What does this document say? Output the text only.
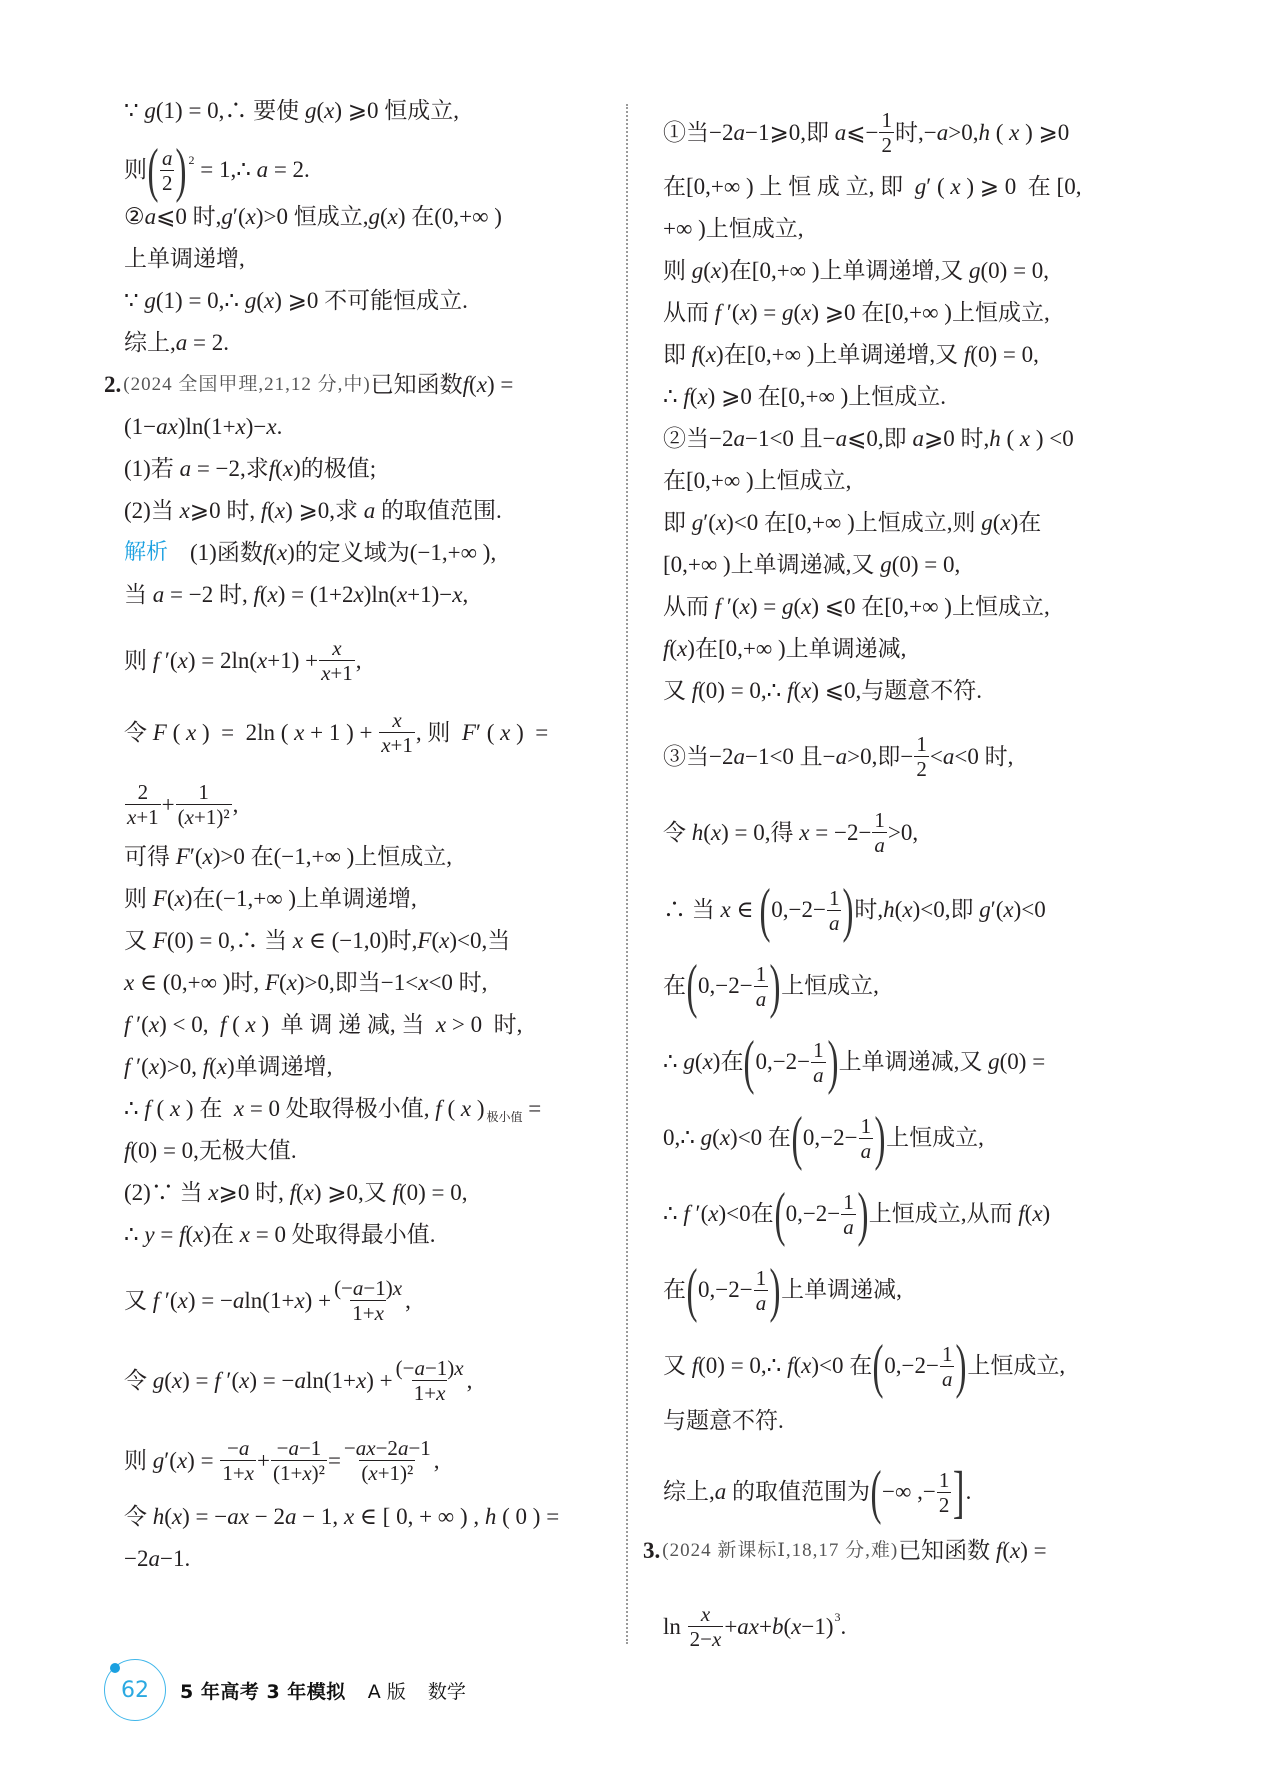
∵ g (1) = 0,∴ 要使 g ( x ) ⩾0 恒成立,
则 ( $\frac{a}{2}$ ) 2 = 1,∴ a = 2.
② a ⩽0 时, g ′( x )>0 恒成立, g ( x ) 在(0,+∞ )
上单调递增,
∵ g (1) = 0,∴ g ( x ) ⩾0 不可能恒成立.
综上, a = 2.
2. (2024 全国甲理,21,12 分,中) 已知函数 f ( x ) =
(1− ax )ln(1+ x )− x .
(1)若 a = −2,求 f ( x )的极值;
(2)当 x ⩾0 时, f ( x ) ⩾0,求 a 的取值范围.
解析 (1)函数 f ( x )的定义域为(−1,+∞ ),
当 a = −2 时, f ( x ) = (1+2 x )ln( x +1)− x ,
则 f ′( x ) = 2ln( $x +1) + \frac{x}{x+1}$ ,
令 F ( x )  =  2ln ( x + 1 ) + $\frac{x}{x+1}$ , 则 F ′ ( x )  =
$\frac{2}{x+1} + \frac{1}{\text{(x+1)²}}$ ,
可得 F ′( x )>0 在(−1,+∞ )上恒成立,
则 F ( x )在(−1,+∞ )上单调递增,
又 F (0) = 0,∴ 当 x ∈ (−1,0)时, F ( x )<0,当
x ∈ (0,+∞ )时, F ( x )>0,即当−1< x <0 时,
f ′( x ) < 0, f ( x )  单 调 递 减, 当 x > 0  时,
f ′( x )>0, f ( x )单调递增,
∴ f ( x ) 在 x = 0 处取得极小值, f ( x ) 极小值 =
f (0) = 0,无极大值.
(2)∵ 当 x ⩾0 时, f ( x ) ⩾0,又 f (0) = 0,
∴ y = f ( x )在 x = 0 处取得最小值.
又 f ′( x ) = − a ln(1+ x ) + $\frac{(-a-1)x}{1+x}$ ,
令 g ( x ) = f ′( x ) = − a ln(1+ x ) + $\frac{(-a-1)x}{1+x}$ ,
则 g ′( x ) = $\frac{-a}{1+x} + \frac{-a-1}{\text{(1+x)²}} = \frac{-ax-2a-1}{\text{(x+1)²}}$ ,
令 h ( x ) = − ax − 2 a − 1, x ∈ [ 0, + ∞ ) , h ( 0 ) =
−2 a −1.
①当−2 a −1⩾0,即 a ⩽− $\frac{1}{2}$ 时,− a >0, h ( x ) ⩾0
在[0,+∞ ) 上 恒 成 立, 即 g ′ ( x ) ⩾ 0  在 [0,
+∞ )上恒成立,
则 g ( x )在[0,+∞ )上单调递增,又 g (0) = 0,
从而 f ′( x ) = g ( x ) ⩾0 在[0,+∞ )上恒成立,
即 f ( x )在[0,+∞ )上单调递增,又 f (0) = 0,
∴ f ( x ) ⩾0 在[0,+∞ )上恒成立.
②当−2 a −1<0 且− a ⩽0,即 a ⩾0 时, h ( x ) <0
在[0,+∞ )上恒成立,
即 g ′( x )<0 在[0,+∞ )上恒成立,则 g ( x )在
[0,+∞ )上单调递减,又 g (0) = 0,
从而 f ′( x ) = g ( x ) ⩽0 在[0,+∞ )上恒成立,
f ( x )在[0,+∞ )上单调递减,
又 f (0) = 0,∴ f ( x ) ⩽0,与题意不符.
③当−2 a −1<0 且− a >0,即− $\frac{1}{2} < a <0$ 时,
令 h ( x ) = 0,得 $x = -2- \frac{1}{a} >0$,
∴ 当 x ∈ ( $0,-2- \frac{1}{a}$ ) 时, h ( x )<0,即 g ′( x )<0
在 ( $0,-2- \frac{1}{a}$ ) 上恒成立,
∴ g ( x )在 ( $0,-2- \frac{1}{a}$ ) 上单调递减,又 g (0) =
0,∴ g ( x )<0 在 ( $0,-2- \frac{1}{a}$ ) 上恒成立,
∴ f ′( x )<0在 ( $0,-2- \frac{1}{a}$ ) 上恒成立,从而 f ( x )
在 ( $0,-2- \frac{1}{a}$ ) 上单调递减,
又 f (0) = 0,∴ f ( x )<0 在 ( $0,-2- \frac{1}{a}$ ) 上恒成立,
与题意不符.
综上, a 的取值范围为 ( −∞ ,− $\frac{1}{2}$ ] .
3. (2024 新课标Ⅰ,18,17 分,难) 已知函数 f ( x ) =
$\ln \frac{x}{2-x}$ + ax + b ( x −1) 3 .
62 5 年高考 3 年模拟 A 版 数学
